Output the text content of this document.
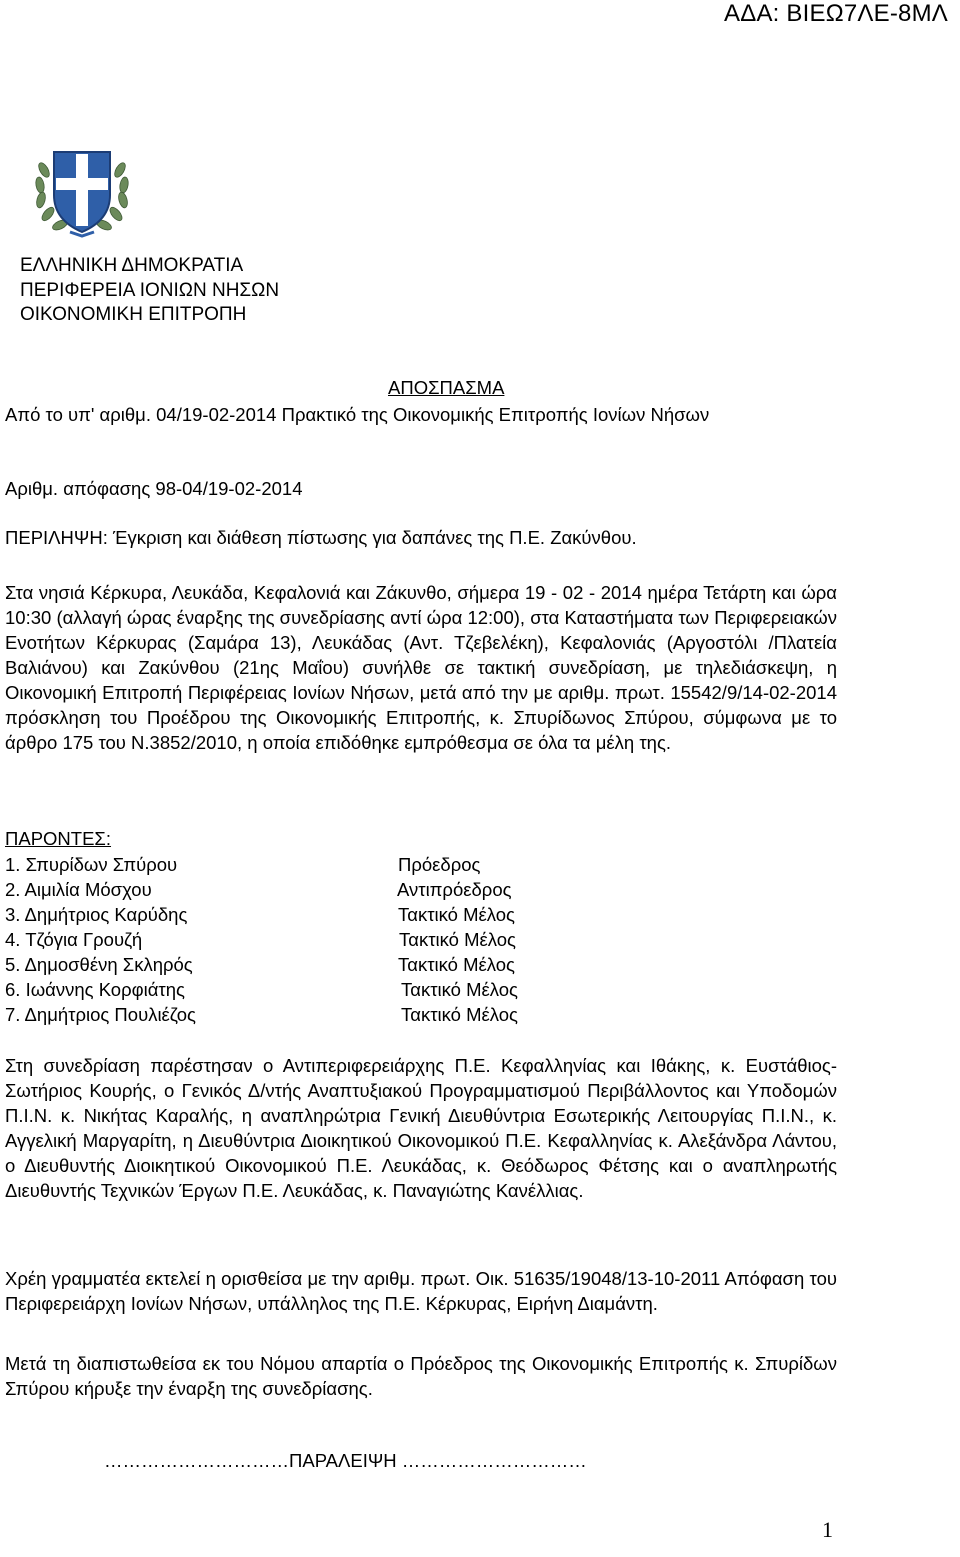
ΑΔΑ: ΒΙΕΩ7ΛΕ-8ΜΛ
ΕΛΛΗΝΙΚΗ ΔΗΜΟΚΡΑΤΙΑ
ΠΕΡΙΦΕΡΕΙΑ ΙΟΝΙΩΝ ΝΗΣΩΝ
ΟΙΚΟΝΟΜΙΚΗ ΕΠΙΤΡΟΠΗ
ΑΠΟΣΠΑΣΜΑ
Από το υπ' αριθμ. 04/19-02-2014 Πρακτικό της Οικονομικής Επιτροπής Ιονίων Νήσων
Αριθμ. απόφασης 98-04/19-02-2014
ΠΕΡΙΛΗΨΗ: Έγκριση και διάθεση πίστωσης για δαπάνες της Π.Ε. Ζακύνθου.
Στα νησιά Κέρκυρα, Λευκάδα, Κεφαλονιά και Ζάκυνθο, σήμερα 19 - 02 - 2014 ημέρα Τετάρτη και ώρα 10:30 (αλλαγή ώρας έναρξης της συνεδρίασης αντί ώρα 12:00), στα Καταστήματα των Περιφερειακών Ενοτήτων Κέρκυρας (Σαμάρα 13), Λευκάδας (Αντ. Τζεβελέκη), Κεφαλονιάς (Αργοστόλι /Πλατεία Βαλιάνου) και Ζακύνθου (21ης Μαΐου) συνήλθε σε τακτική συνεδρίαση, με τηλεδιάσκεψη, η Οικονομική Επιτροπή Περιφέρειας Ιονίων Νήσων, μετά από την με αριθμ. πρωτ. 15542/9/14-02-2014 πρόσκληση του Προέδρου της Οικονομικής Επιτροπής, κ. Σπυρίδωνος Σπύρου, σύμφωνα με το άρθρο 175 του Ν.3852/2010, η οποία επιδόθηκε εμπρόθεσμα σε όλα τα μέλη της.
ΠΑΡΟΝΤΕΣ:
1. Σπυρίδων Σπύρου	Πρόεδρος
2. Αιμιλία Μόσχου	Αντιπρόεδρος
3. Δημήτριος Καρύδης	Τακτικό Μέλος
4. Τζόγια Γρουζή	Τακτικό Μέλος
5. Δημοσθένη Σκληρός	Τακτικό Μέλος
6. Ιωάννης Κορφιάτης	Τακτικό Μέλος
7. Δημήτριος Πουλιέζος	Τακτικό Μέλος
Στη συνεδρίαση παρέστησαν ο Αντιπεριφερειάρχης Π.Ε. Κεφαλληνίας και Ιθάκης, κ. Ευστάθιος-Σωτήριος Κουρής, ο Γενικός Δ/ντής Αναπτυξιακού Προγραμματισμού Περιβάλλοντος και Υποδομών Π.Ι.Ν. κ. Νικήτας Καραλής, η αναπληρώτρια Γενική Διευθύντρια Εσωτερικής Λειτουργίας Π.Ι.Ν., κ. Αγγελική Μαργαρίτη, η Διευθύντρια Διοικητικού Οικονομικού Π.Ε. Κεφαλληνίας κ. Αλεξάνδρα Λάντου, ο Διευθυντής Διοικητικού Οικονομικού Π.Ε. Λευκάδας, κ. Θεόδωρος Φέτσης και ο αναπληρωτής Διευθυντής Τεχνικών Έργων Π.Ε. Λευκάδας, κ. Παναγιώτης Κανέλλιας.
Χρέη γραμματέα εκτελεί η ορισθείσα με την αριθμ. πρωτ. Οικ. 51635/19048/13-10-2011 Απόφαση του Περιφερειάρχη Ιονίων Νήσων, υπάλληλος της Π.Ε. Κέρκυρας, Ειρήνη Διαμάντη.
Μετά τη διαπιστωθείσα εκ του Νόμου απαρτία ο Πρόεδρος της Οικονομικής Επιτροπής κ. Σπυρίδων Σπύρου κήρυξε την έναρξη της συνεδρίασης.
…………………………ΠΑΡΑΛΕΙΨΗ …………………………
1
